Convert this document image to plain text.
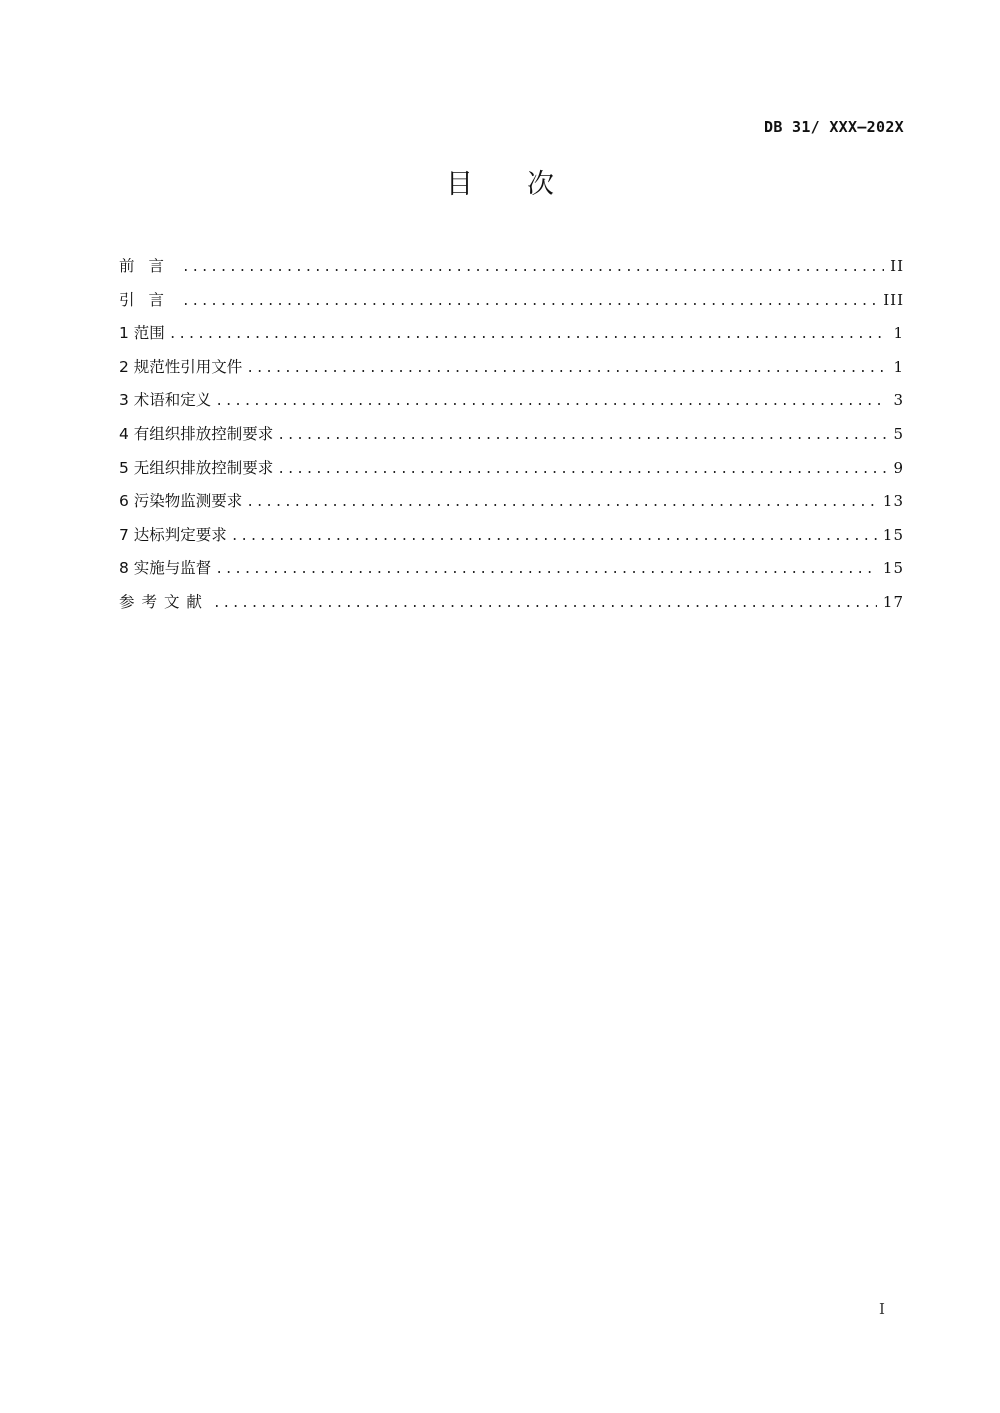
DB 31/ XXX—202X
目 次
前言 .....	II
引言 .....	III
1 范围 .....	1
2 规范性引用文件 .....	1
3 术语和定义 .....	3
4 有组织排放控制要求 .....	5
5 无组织排放控制要求 .....	9
6 污染物监测要求 .....	13
7 达标判定要求 .....	15
8 实施与监督 .....	15
参考文献 .....	17
I
